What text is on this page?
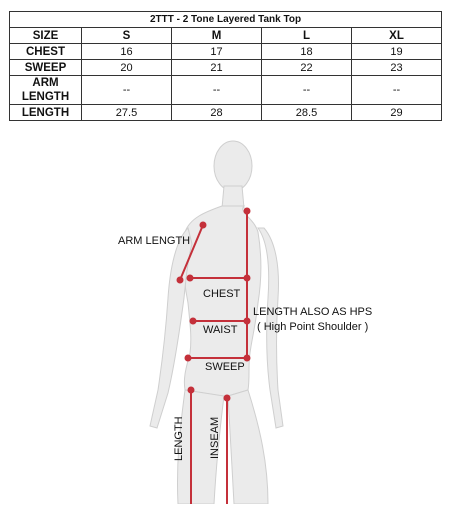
2TTT - 2 Tone Layered Tank Top				
SIZE	S	M	L	XL
CHEST	16	17	18	19
SWEEP	20	21	22	23
ARM LENGTH	--	--	--	--
LENGTH	27.5	28	28.5	29
ARM LENGTH
CHEST
WAIST
SWEEP
LENGTH ALSO AS HPS
( High Point Shoulder )
LENGTH INSEAM
